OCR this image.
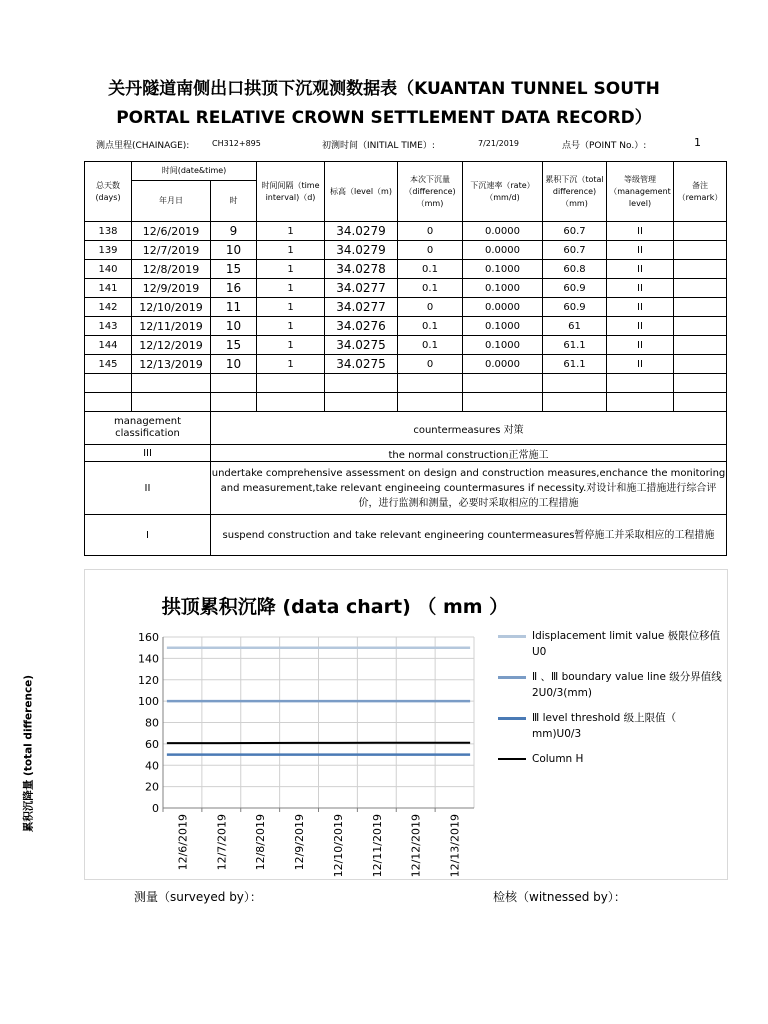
关丹隧道南侧出口拱顶下沉观测数据表（KUANTAN TUNNEL SOUTH
PORTAL RELATIVE CROWN SETTLEMENT DATA RECORD）
测点里程(CHAINAGE):	CH312+895	初测时间（INITIAL TIME）:	7/21/2019	点号（POINT No.）:	1
总天数(days)	时间(date&time)		时间间隔（time interval)（d)	标高（level（m)	本次下沉量（difference)（mm)	下沉速率（rate）（mm/d)	累积下沉（total difference)（mm)	等级管理（management level)	备注（remark）
	年月日	时							
138	12/6/2019	9	1	34.0279	0	0.0000	60.7	II	
139	12/7/2019	10	1	34.0279	0	0.0000	60.7	II	
140	12/8/2019	15	1	34.0278	0.1	0.1000	60.8	II	
141	12/9/2019	16	1	34.0277	0.1	0.1000	60.9	II	
142	12/10/2019	11	1	34.0277	0	0.0000	60.9	II	
143	12/11/2019	10	1	34.0276	0.1	0.1000	61	II	
144	12/12/2019	15	1	34.0275	0.1	0.1000	61.1	II	
145	12/13/2019	10	1	34.0275	0	0.0000	61.1	II	

management classification		countermeasures 对策							
III		the normal construction正常施工							
II		undertake comprehensive assessment on design and construction measures,enchance the monitoring and measurement,take relevant engineeing countermasures if necessity.对设计和施工措施进行综合评价，进行监测和测量，必要时采取相应的工程措施							
I		suspend construction and take relevant engineering countermeasures暂停施工并采取相应的工程措施							
拱顶累积沉降 (data chart) （ mm ）
Idisplacement limit value 极限位移值 U0
Ⅱ 、Ⅲ boundary value line 级分界值线 2U0/3(mm)
Ⅲ level threshold 级上限值（ mm)U0/3
Column H
0
20
40
60
80
100
120
140
160
12/6/2019 12/7/2019 12/8/2019 12/9/2019 12/10/2019 12/11/2019 12/12/2019 12/13/2019
累积沉降量 (total difference)
测量（surveyed by）：	检核（witnessed by）：
